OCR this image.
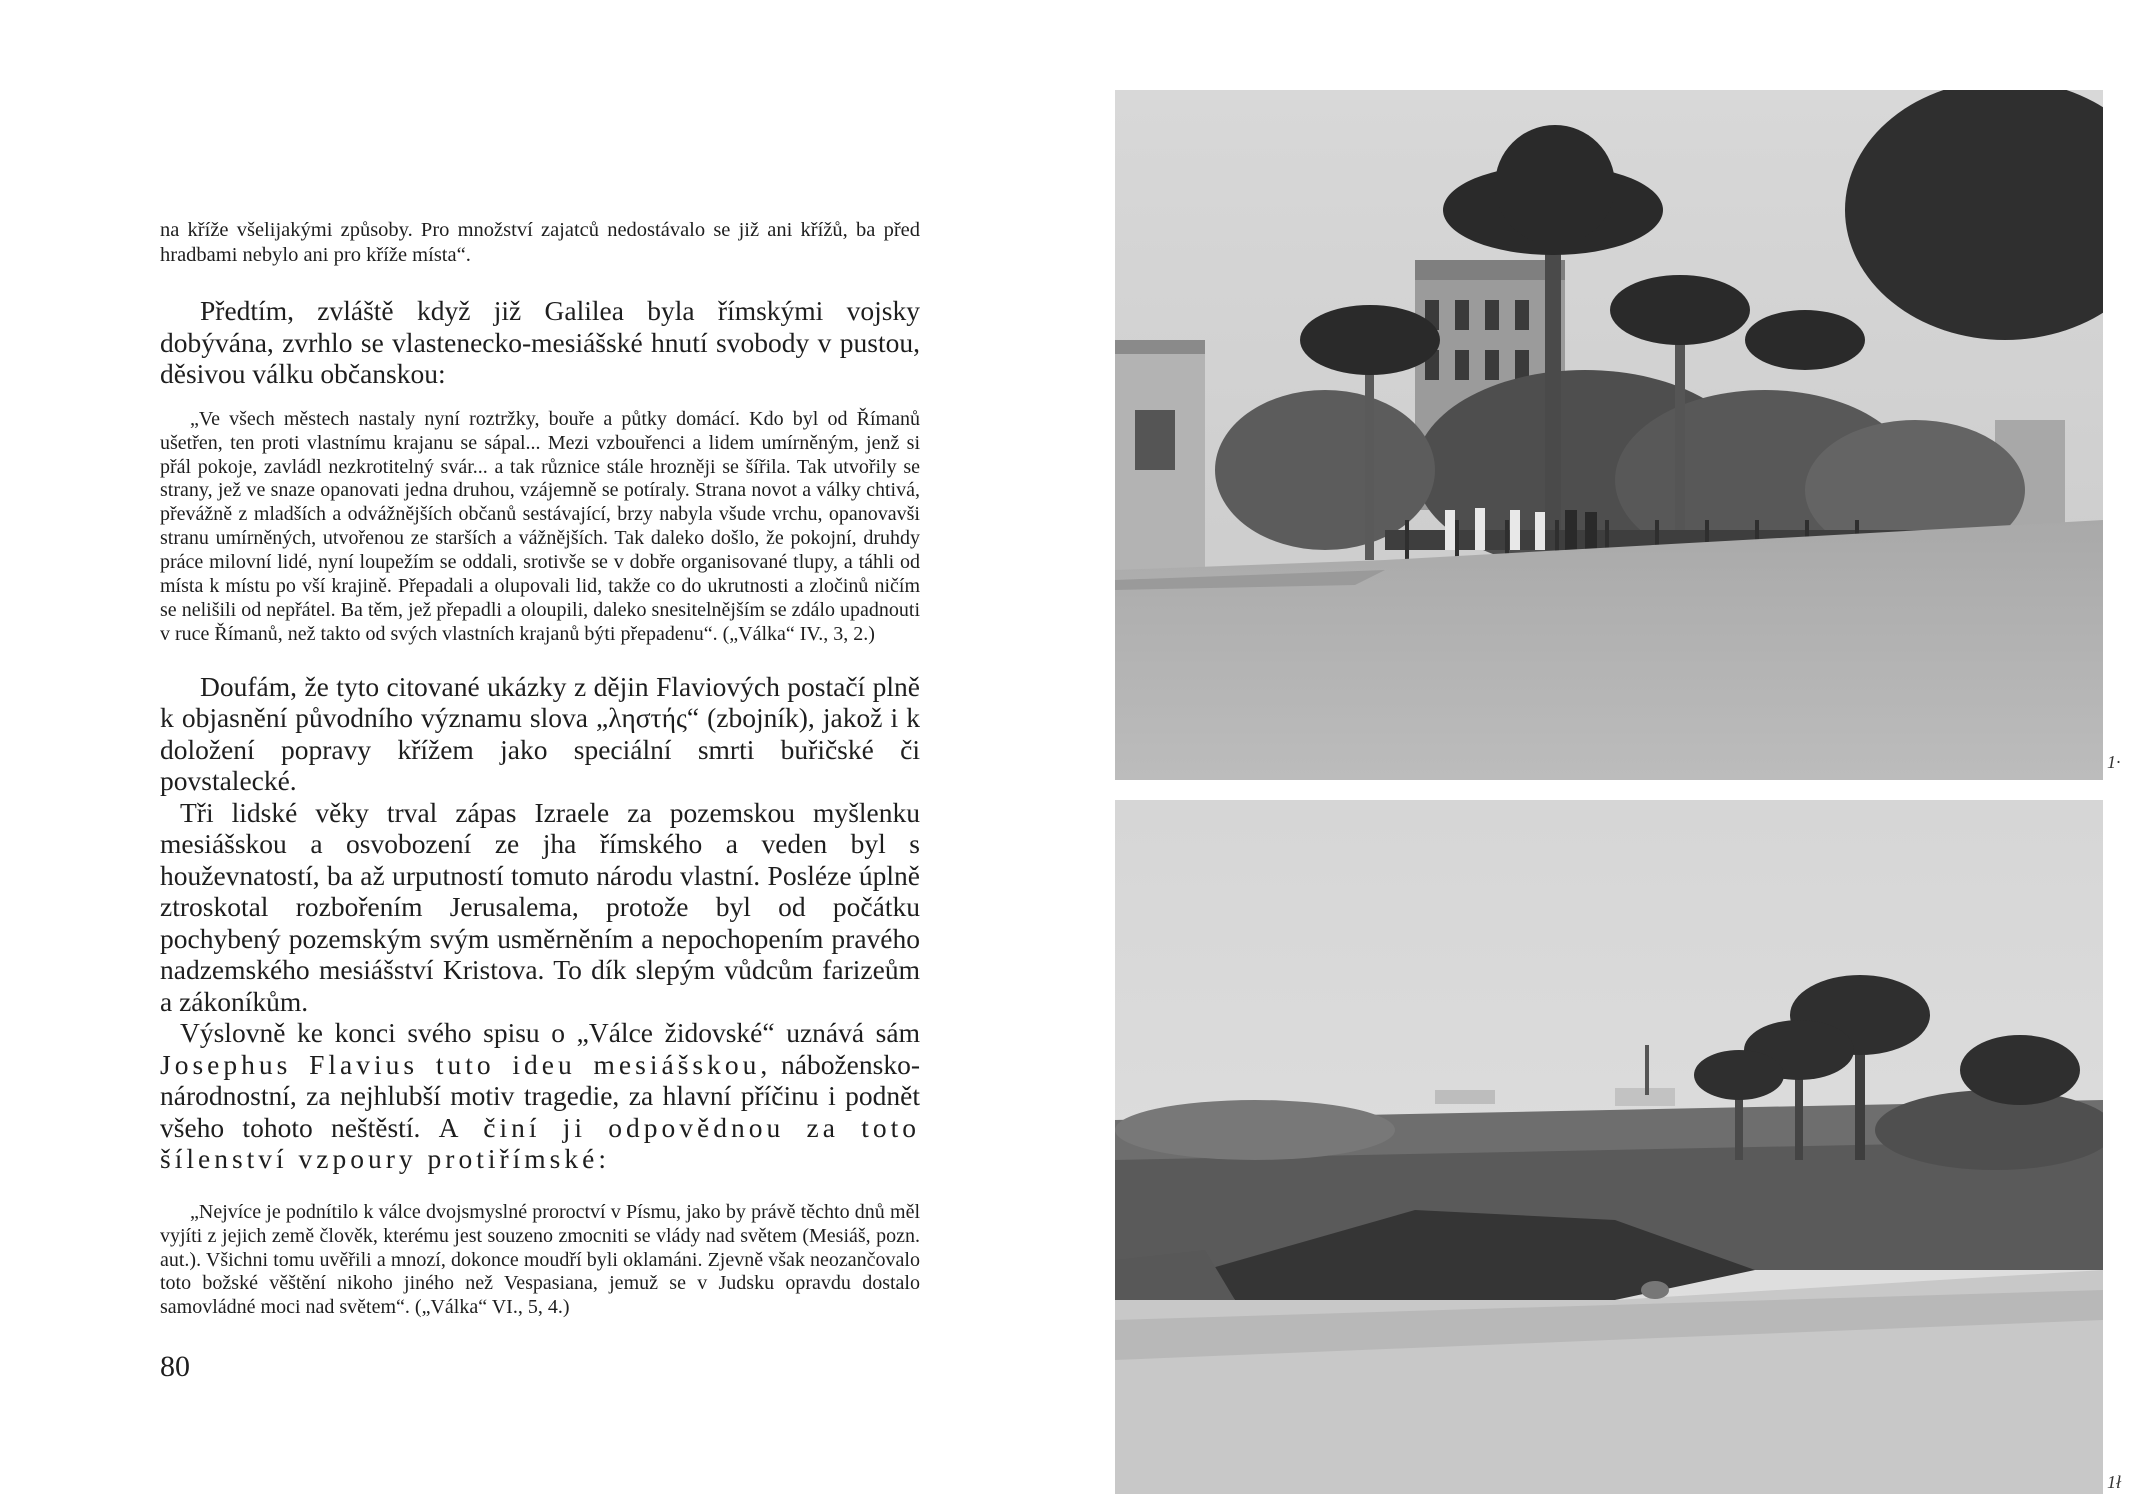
na kříže všelijakými způsoby. Pro množství zajatců nedostávalo se již ani křížů, ba před hradbami nebylo ani pro kříže místa“.

Předtím, zvláště když již Galilea byla římskými vojsky dobývána, zvrhlo se vlastenecko-mesiášské hnutí svobody v pustou, děsivou válku občanskou:

„Ve všech městech nastaly nyní roztržky, bouře a půtky domácí. Kdo byl od Římanů ušetřen, ten proti vlastnímu krajanu se sápal... Mezi vzbouřenci a lidem umírněným, jenž si přál pokoje, zavládl nezkrotitelný svár... a tak různice stále hrozněji se šířila. Tak utvořily se strany, jež ve snaze opanovati jedna druhou, vzájemně se potíraly. Strana novot a války chtivá, převážně z mladších a odvážnějších občanů sestávající, brzy nabyla všude vrchu, opanovavši stranu umírněných, utvořenou ze starších a vážnějších. Tak daleko došlo, že pokojní, druhdy práce milovní lidé, nyní loupežím se oddali, srotivše se v dobře organisované tlupy, a táhli od místa k místu po vší krajině. Přepadali a olupovali lid, takže co do ukrutnosti a zločinů ničím se nelišili od nepřátel. Ba těm, jež přepadli a oloupili, daleko snesitelnějším se zdálo upadnouti v ruce Římanů, než takto od svých vlastních krajanů býti přepadenu“. („Válka“ IV., 3, 2.)

Doufám, že tyto citované ukázky z dějin Flaviových postačí plně k objasnění původního významu slova „ληστής“ (zbojník), jakož i k doložení popravy křížem jako speciální smrti buřičské či povstalecké.

Tři lidské věky trval zápas Izraele za pozemskou myšlenku mesiášskou a osvobození ze jha římského a veden byl s houževnatostí, ba až urputností tomuto národu vlastní. Posléze úplně ztroskotal rozbořením Jerusalema, protože byl od počátku pochybený pozemským svým usměrněním a nepochopením pravého nadzemského mesiášství Kristova. To dík slepým vůdcům farizeům a zákoníkům.

Výslovně ke konci svého spisu o „Válce židovské“ uznává sám Josephus Flavius tuto ideu mesiášskou, nábožensko-národnostní, za nejhlubší motiv tragedie, za hlavní příčinu i podnět všeho tohoto neštěstí. A činí ji odpovědnou za toto šílenství vzpoury protiřímské:

„Nejvíce je podnítilo k válce dvojsmyslné proroctví v Písmu, jako by právě těchto dnů měl vyjíti z jejich země člověk, kterému jest souzeno zmocniti se vlády nad světem (Mesiáš, pozn. aut.). Všichni tomu uvěřili a mnozí, dokonce moudří byli oklamáni. Zjevně však neozančovalo toto božské věštění nikoho jiného než Vespasiana, jemuž se v Judsku opravdu dostalo samovládné moci nad světem“. („Válka“ VI., 5, 4.)

80
1·
1ł
